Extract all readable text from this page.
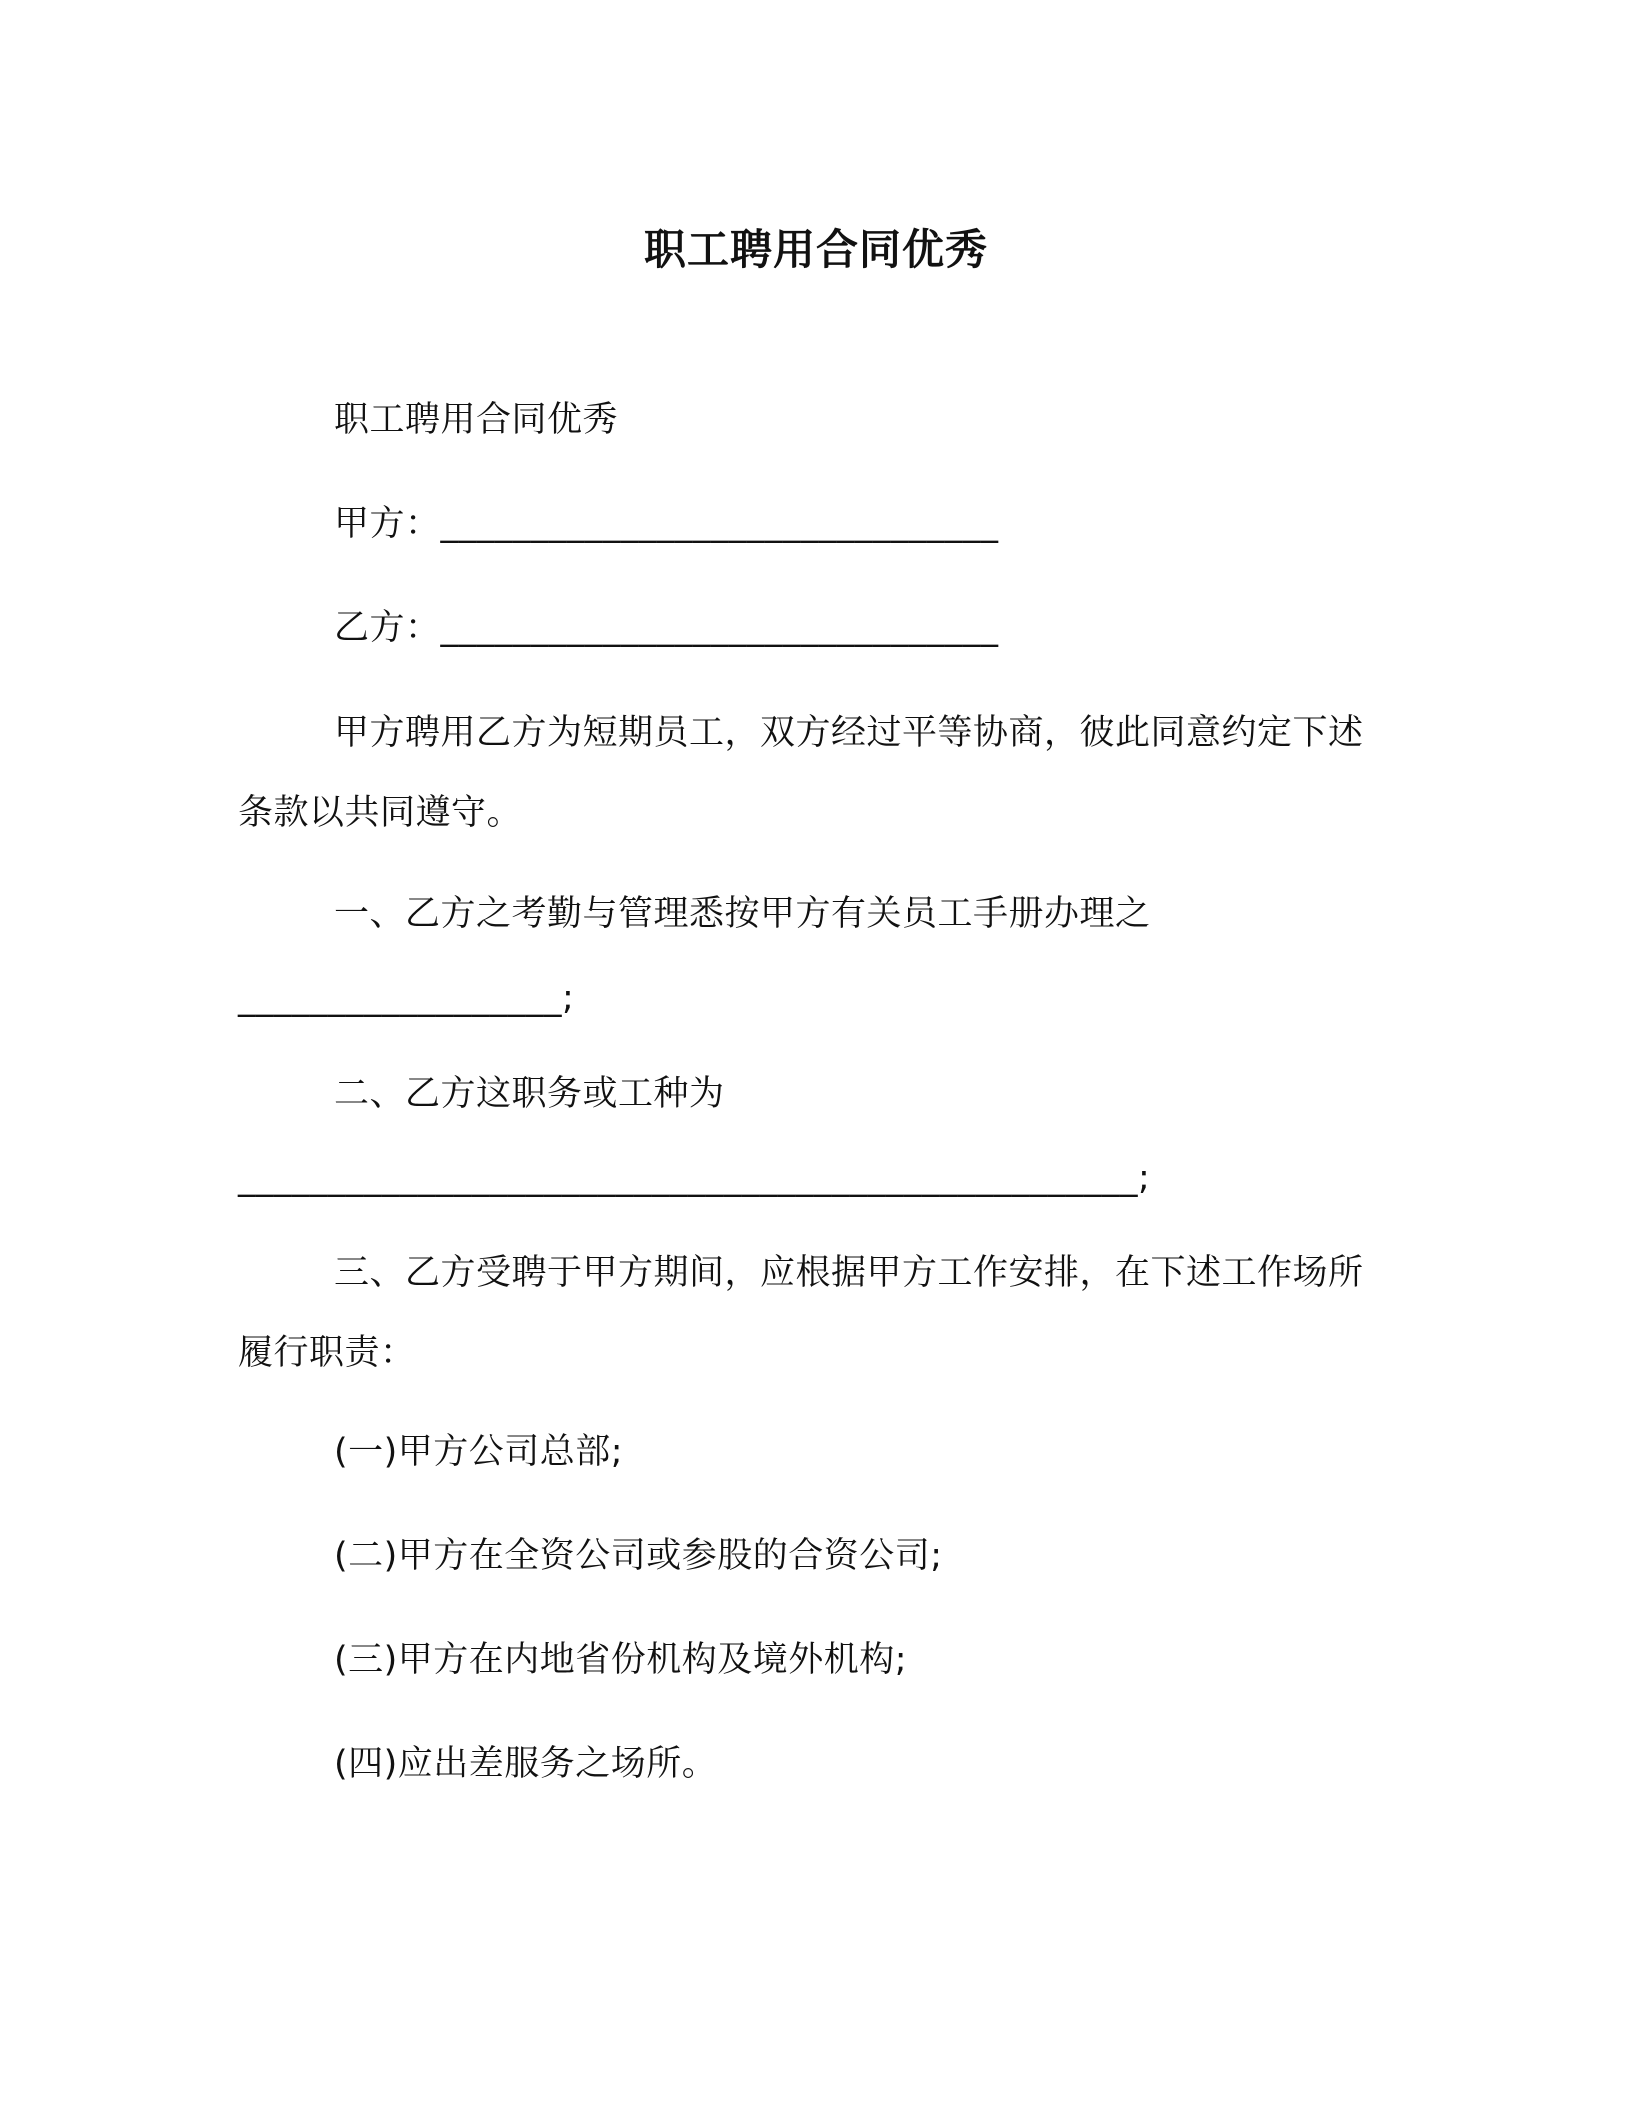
职工聘用合同优秀
职工聘用合同优秀
甲方：_______________________________
乙方：_______________________________
甲方聘用乙方为短期员工，双方经过平等协商，彼此同意约定下述条款以共同遵守。
一、乙方之考勤与管理悉按甲方有关员工手册办理之
__________________;
二、乙方这职务或工种为
__________________________________________________;
三、乙方受聘于甲方期间，应根据甲方工作安排，在下述工作场所履行职责：
(一)甲方公司总部;
(二)甲方在全资公司或参股的合资公司;
(三)甲方在内地省份机构及境外机构;
(四)应出差服务之场所。
